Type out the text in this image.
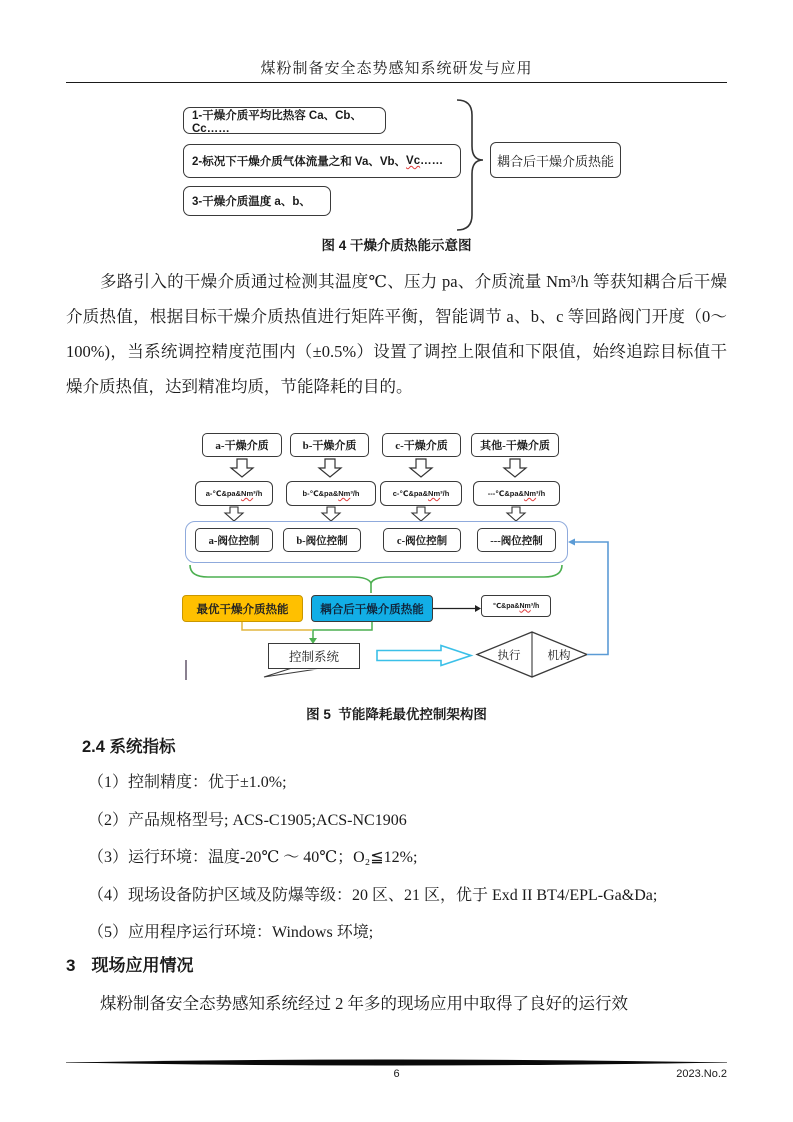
煤粉制备安全态势感知系统研发与应用
1-干燥介质平均比热容 Ca、Cb、Cc……
2-标况下干燥介质气体流量之和 Va、Vb、 Vc ……
3-干燥介质温度 a、b、
耦合后干燥介质热能
图 4 干燥介质热能示意图
多路引入的干燥介质通过检测其温度℃、压力 pa、介质流量 Nm³/h 等获知耦合后干燥介质热值，根据目标干燥介质热值进行矩阵平衡，智能调节 a、b、c 等回路阀门开度（0～100%)，当系统调控精度范围内（±0.5%）设置了调控上限值和下限值，始终追踪目标值干燥介质热值，达到精准均质，节能降耗的目的。
a-干燥介质	b-干燥介质	c-干燥介质	其他-干燥介质
a-℃&pa& Nm ³/h	b-℃&pa& Nm ³/h	c-℃&pa& Nm ³/h	---℃&pa& Nm ³/h
a-阀位控制	b-阀位控制	c-阀位控制	---阀位控制
最优干燥介质热能	耦合后干燥介质热能	℃&pa& Nm ³/h
控制系统	执行	机构
图 5  节能降耗最优控制架构图
2.4 系统指标
（1）控制精度：优于±1.0%;
（2）产品规格型号; ACS-C1905;ACS-NC1906
（3）运行环境：温度-20℃ ～ 40℃；O₂≦12%;
（4）现场设备防护区域及防爆等级：20 区、21 区，优于 Exd II BT4/EPL-Ga&Da;
（5）应用程序运行环境：Windows 环境;
3 现场应用情况
煤粉制备安全态势感知系统经过 2 年多的现场应用中取得了良好的运行效
6	2023.No.2
